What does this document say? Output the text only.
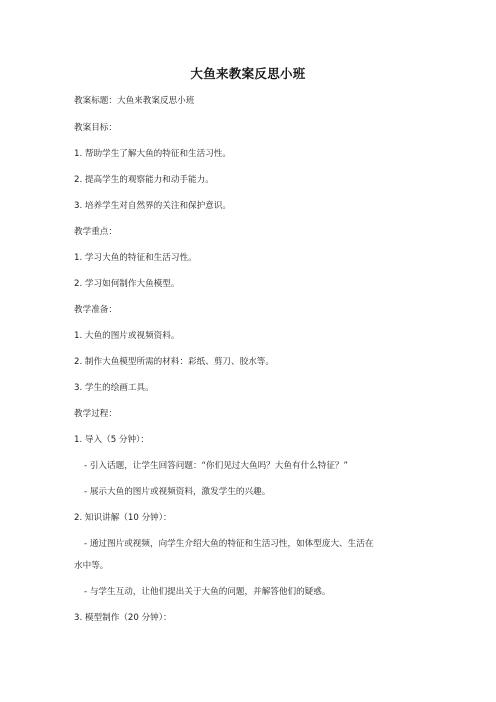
大鱼来教案反思小班
教案标题：大鱼来教案反思小班
教案目标：
1. 帮助学生了解大鱼的特征和生活习性。
2. 提高学生的观察能力和动手能力。
3. 培养学生对自然界的关注和保护意识。
教学重点：
1. 学习大鱼的特征和生活习性。
2. 学习如何制作大鱼模型。
教学准备：
1. 大鱼的图片或视频资料。
2. 制作大鱼模型所需的材料：彩纸、剪刀、胶水等。
3. 学生的绘画工具。
教学过程：
1. 导入（5 分钟）：
- 引入话题，让学生回答问题：“你们见过大鱼吗？大鱼有什么特征？”
- 展示大鱼的图片或视频资料，激发学生的兴趣。
2. 知识讲解（10 分钟）：
- 通过图片或视频，向学生介绍大鱼的特征和生活习性，如体型庞大、生活在
水中等。
- 与学生互动，让他们提出关于大鱼的问题，并解答他们的疑惑。
3. 模型制作（20 分钟）：
